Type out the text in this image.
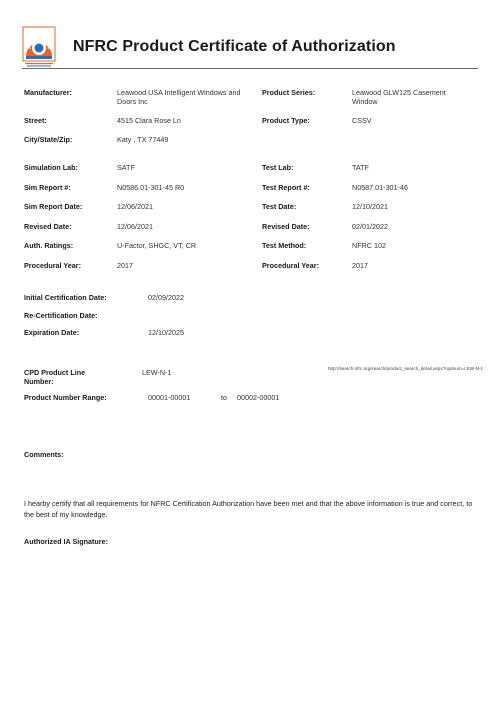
NFRC Product Certificate of Authorization
Manufacturer:	Leawood USA Intelligent Windows and Doors Inc
Street:	4515 Clara Rose Ln
City/State/Zip:	Katy , TX 77449
Product Series:	Leawood GLW125 Casement Window
Product Type:	CSSV
Simulation Lab:	SATF
Sim Report #:	N0586.01-301-45 R0
Sim Report Date:	12/06/2021
Revised Date:	12/06/2021
Auth. Ratings:	U-Factor, SHGC, VT, CR
Procedural Year:	2017
Test Lab:	TATF
Test Report #:	N0587.01-301-46
Test Date:	12/10/2021
Revised Date:	02/01/2022
Test Method:	NFRC 102
Procedural Year:	2017
Initial Certification Date:	02/09/2022
Re-Certification Date:
Expiration Date:	12/10/2025
CPD Product Line Number:
LEW-N-1	http://search.nfrc.org/search/product_search_detail.aspx?cpdnum=LEW-N-1
Product Number Range:	00001-00001	to 00002-00001
Comments:
I hearby certify that all requirements for NFRC Certification Authorization have been met and that the above information is true and correct, to the best of my knowledge.
Authorized IA Signature:
